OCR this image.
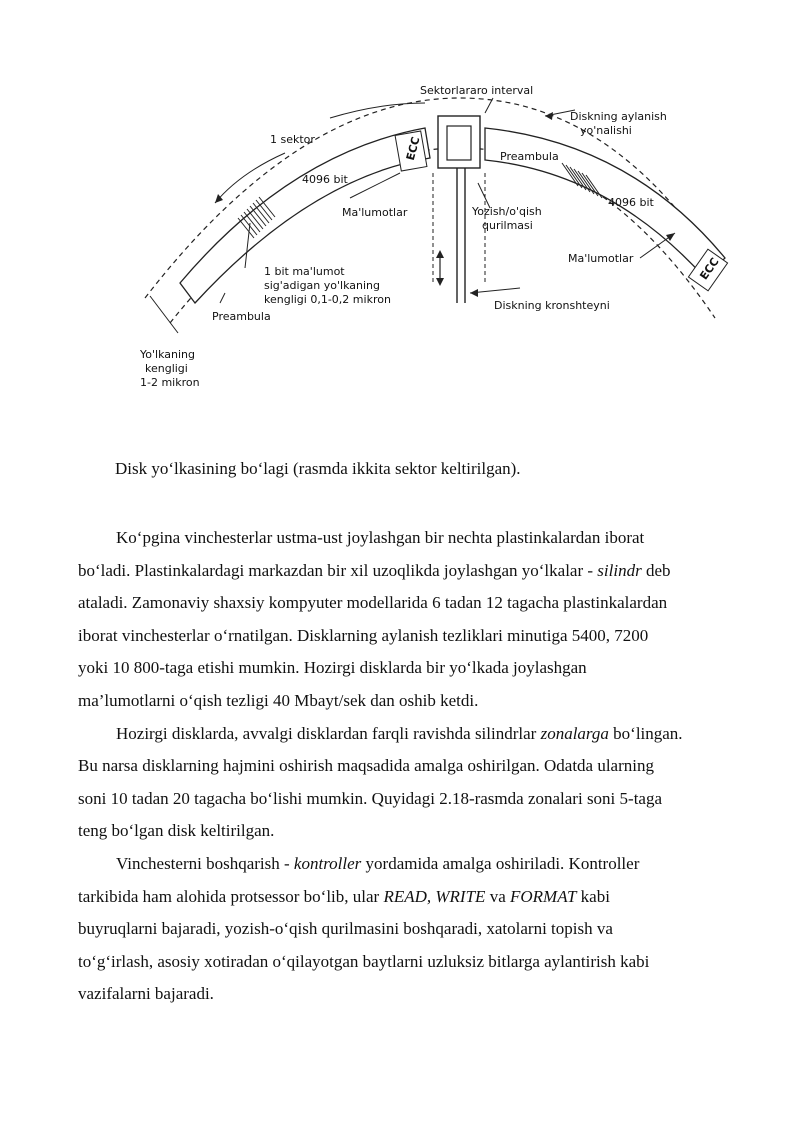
ECC
ECC
Sektorlararo interval
Diskning aylanish
yo'nalishi
1 sektor
4096 bit
4096 bit
Preambula
Ma'lumotlar	Yozish/o'qish
qurilmasi
Ma'lumotlar
1 bit ma'lumot
sig'adigan yo'lkaning
kengligi 0,1-0,2 mikron	Diskning kronshteyni
Preambula
Yo'lkaning
kengligi
1-2 mikron
Disk yo‘lkasining bo‘lagi (rasmda ikkita sektor keltirilgan).
Ko‘pgina vinchesterlar ustma-ust joylashgan bir nechta plastinkalardan iborat
bo‘ladi. Plastinkalardagi markazdan bir xil uzoqlikda joylashgan yo‘lkalar - silindr deb
ataladi. Zamonaviy shaxsiy kompyuter modellarida 6 tadan 12 tagacha plastinkalardan
iborat vinchesterlar o‘rnatilgan. Disklarning aylanish tezliklari minutiga 5400, 7200
yoki 10 800-taga etishi mumkin. Hozirgi disklarda bir yo‘lkada joylashgan
ma’lumotlarni o‘qish tezligi 40 Mbayt/sek dan oshib ketdi.
Hozirgi disklarda, avvalgi disklardan farqli ravishda silindrlar zonalarga bo‘lingan.
Bu narsa disklarning hajmini oshirish maqsadida amalga oshirilgan. Odatda ularning
soni 10 tadan 20 tagacha bo‘lishi mumkin. Quyidagi 2.18-rasmda zonalari soni 5-taga
teng bo‘lgan disk keltirilgan.
Vinchesterni boshqarish - kontroller yordamida amalga oshiriladi. Kontroller
tarkibida ham alohida protsessor bo‘lib, ular READ, WRITE va FORMAT kabi
buyruqlarni bajaradi, yozish-o‘qish qurilmasini boshqaradi, xatolarni topish va
to‘g‘irlash, asosiy xotiradan o‘qilayotgan baytlarni uzluksiz bitlarga aylantirish kabi
vazifalarni bajaradi.
